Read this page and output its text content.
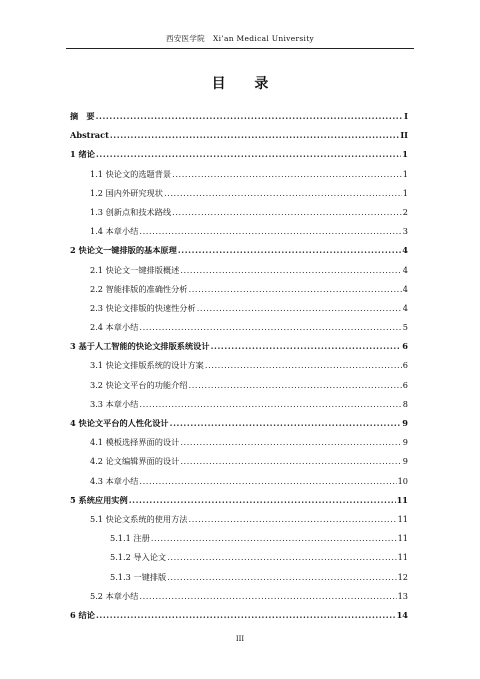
西安医学院 Xi’an Medical University
目 录
摘　要 .....	I
Abstract .....	II
1 绪论 .....	1
1.1 快论文的选题背景 .....	1
1.2 国内外研究现状 .....	1
1.3 创新点和技术路线 .....	2
1.4 本章小结 .....	3
2 快论文一键排版的基本原理 .....	4
2.1 快论文一键排版概述 .....	4
2.2 智能排版的准确性分析 .....	4
2.3 快论文排版的快速性分析 .....	4
2.4 本章小结 .....	5
3 基于人工智能的快论文排版系统设计 .....	6
3.1 快论文排版系统的设计方案 .....	6
3.2 快论文平台的功能介绍 .....	6
3.3 本章小结 .....	8
4 快论文平台的人性化设计 .....	9
4.1 模板选择界面的设计 .....	9
4.2 论文编辑界面的设计 .....	9
4.3 本章小结 .....	10
5 系统应用实例 .....	11
5.1 快论文系统的使用方法 .....	11
5.1.1 注册 .....	11
5.1.2 导入论文 .....	11
5.1.3 一键排版 .....	12
5.2 本章小结 .....	13
6 结论 .....	14
III
